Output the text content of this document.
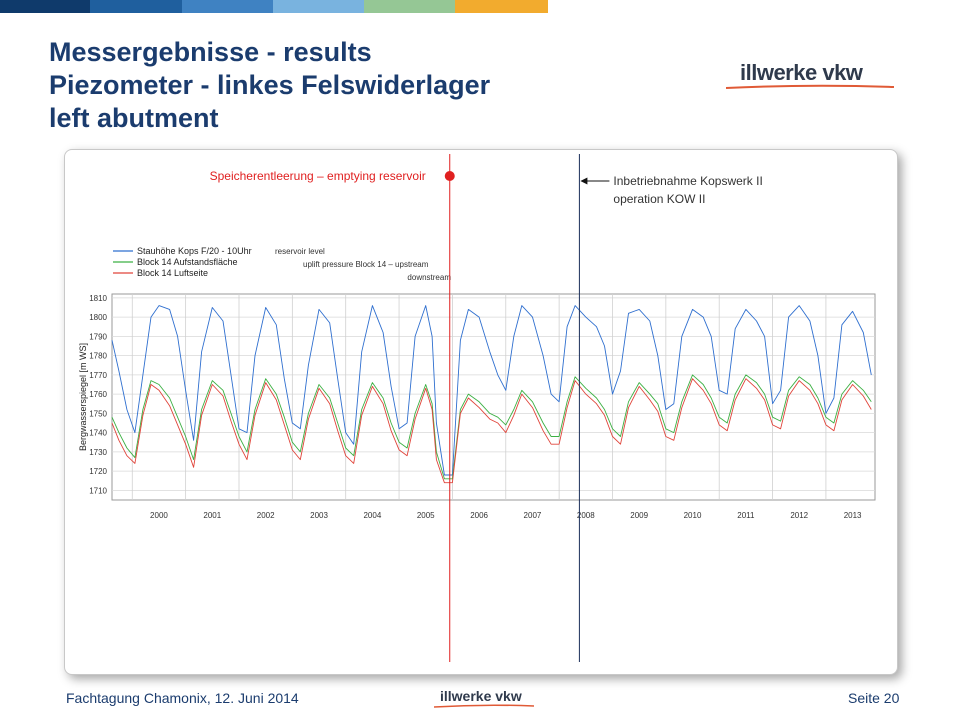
Messergebnisse - results
Piezometer - linkes Felswiderlager
left abutment
illwerke vkw
1710
1720
1730
1740
1750
1760
1770
1780
1790
1800
1810
2000	2001	2002	2003	2004	2005	2006	2007	2008	2009	2010	2011	2012	2013
Bergwasserspiegel [m WS]
Stauhöhe Kops F/20 - 10Uhr
Block 14 Aufstandsfläche
Block 14 Luftseite
reservoir level
uplift pressure Block 14 – upstream
downstream
Speicherentleerung – emptying reservoir	Inbetriebnahme Kopswerk II
operation KOW II
Fachtagung Chamonix, 12. Juni 2014	illwerke vkw	Seite 20
